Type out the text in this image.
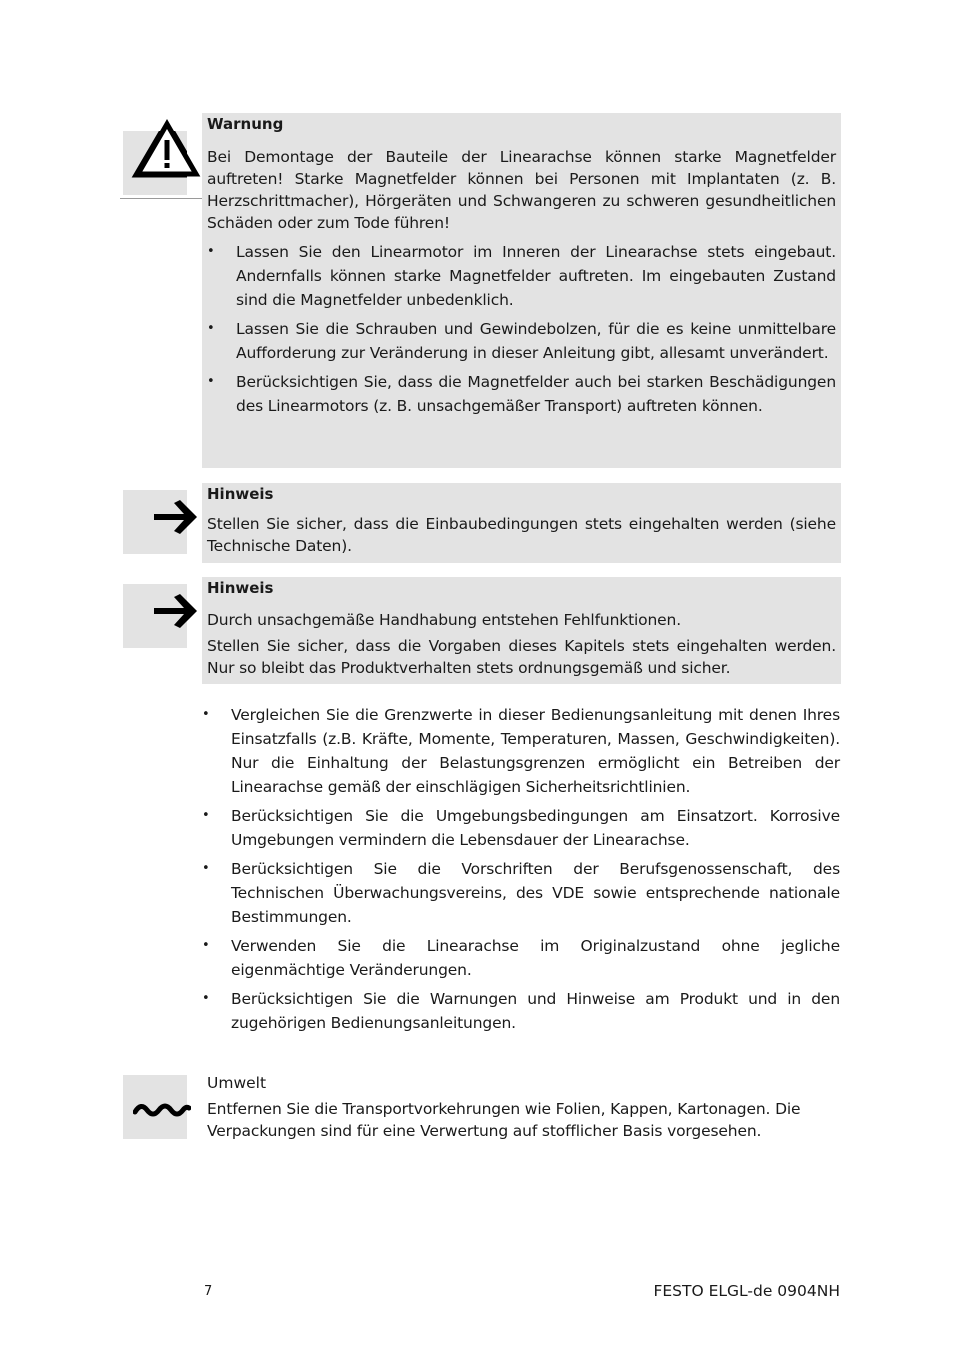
Warnung
Bei Demontage der Bauteile der Linearachse können starke Magnetfelder auftreten! Starke Magnetfelder können bei Personen mit Implantaten (z. B. Herzschrittmacher), Hörgeräten und Schwangeren zu schweren gesundheitlichen Schäden oder zum Tode führen!
• Lassen Sie den Linearmotor im Inneren der Linearachse stets eingebaut. Andernfalls können starke Magnetfelder auftreten. Im eingebauten Zustand sind die Magnetfelder unbedenklich.
• Lassen Sie die Schrauben und Gewindebolzen, für die es keine unmittelbare Aufforderung zur Veränderung in dieser Anleitung gibt, allesamt unverändert.
• Berücksichtigen Sie, dass die Magnetfelder auch bei starken Beschädigungen des Linearmotors (z. B. unsachgemäßer Transport) auftreten können.
Hinweis
Stellen Sie sicher, dass die Einbaubedingungen stets eingehalten werden (siehe Technische Daten).
Hinweis
Durch unsachgemäße Handhabung entstehen Fehlfunktionen.
Stellen Sie sicher, dass die Vorgaben dieses Kapitels stets eingehalten werden. Nur so bleibt das Produktverhalten stets ordnungsgemäß und sicher.
• Vergleichen Sie die Grenzwerte in dieser Bedienungsanleitung mit denen Ihres Einsatzfalls (z.B. Kräfte, Momente, Temperaturen, Massen, Geschwindigkeiten). Nur die Einhaltung der Belastungsgrenzen ermöglicht ein Betreiben der Linearachse gemäß der einschlägigen Sicherheitsrichtlinien.
• Berücksichtigen Sie die Umgebungsbedingungen am Einsatzort. Korrosive Umgebungen vermindern die Lebensdauer der Linearachse.
• Berücksichtigen Sie die Vorschriften der Berufsgenossenschaft, des Technischen Überwachungsvereins, des VDE sowie entsprechende nationale Bestimmungen.
• Verwenden Sie die Linearachse im Originalzustand ohne jegliche eigenmächtige Veränderungen.
• Berücksichtigen Sie die Warnungen und Hinweise am Produkt und in den zugehörigen Bedienungsanleitungen.
Umwelt
Entfernen Sie die Transportvorkehrungen wie Folien, Kappen, Kartonagen. Die Verpackungen sind für eine Verwertung auf stofflicher Basis vorgesehen.
7	FESTO ELGL-de 0904NH
